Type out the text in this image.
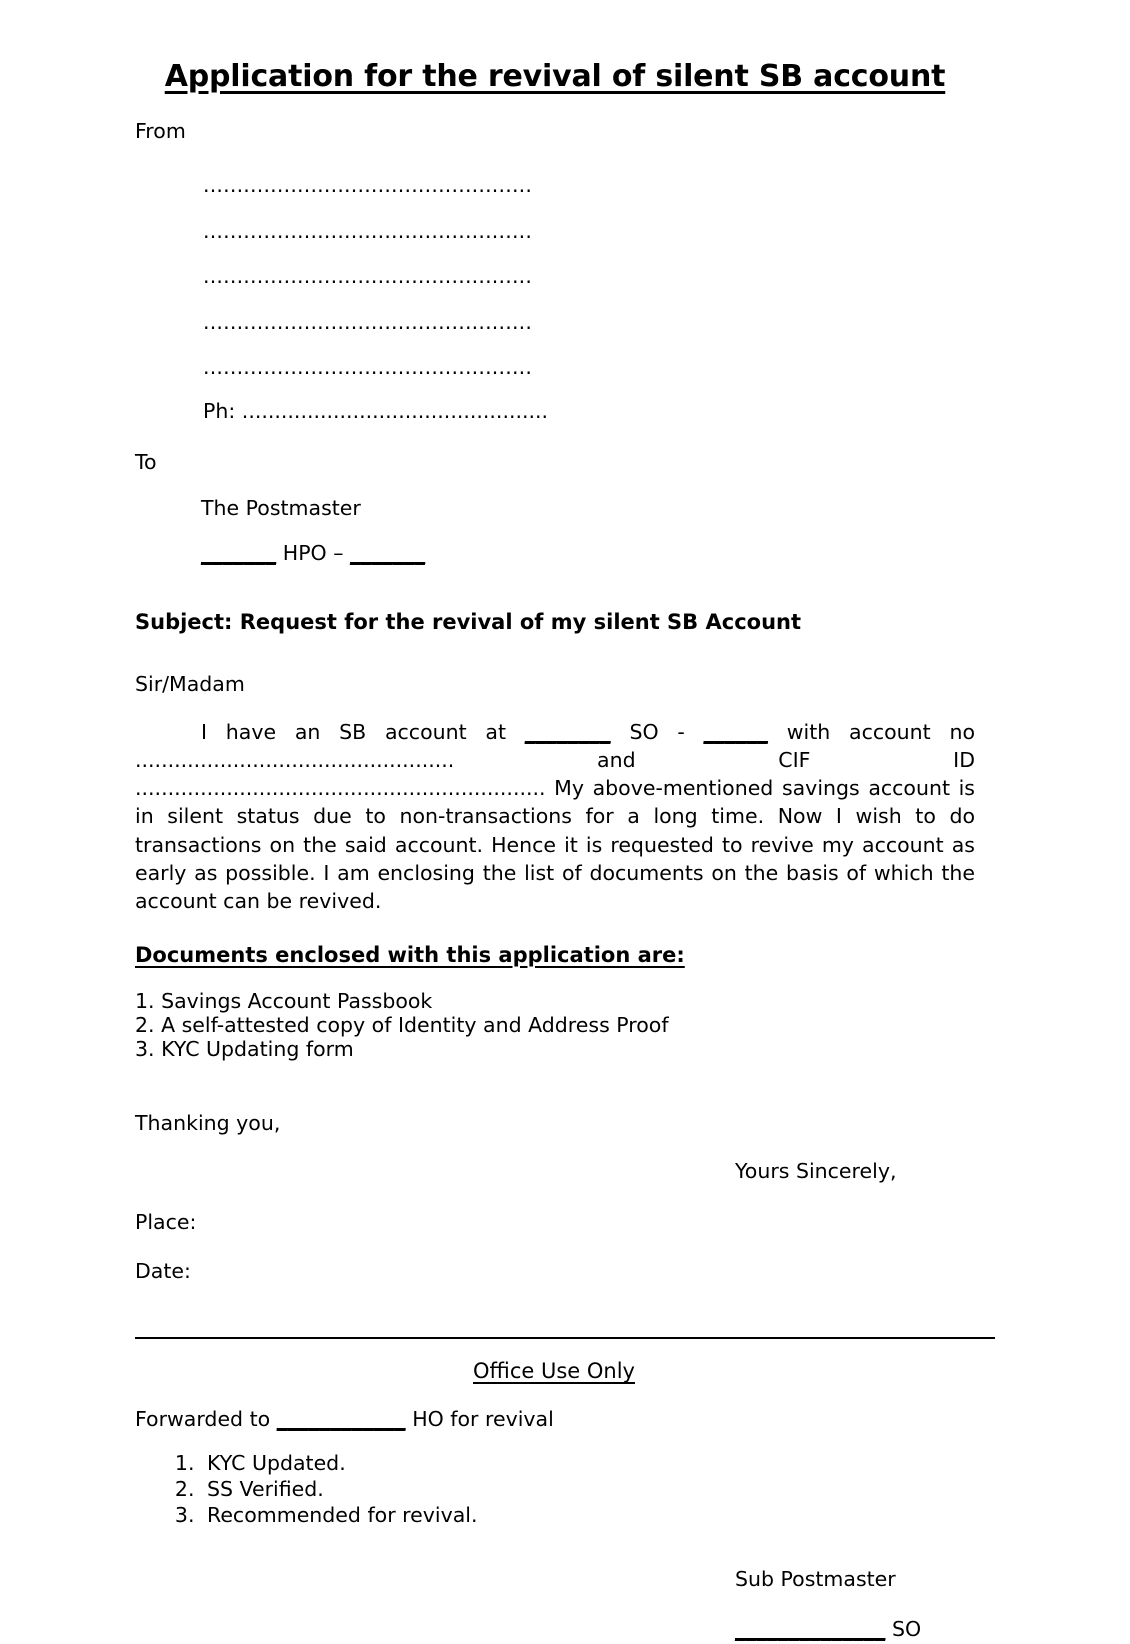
Application for the revival of silent SB account
From
.................................................
.................................................
.................................................
.................................................
.................................................
Ph: ...............................................
To
The Postmaster
_______ HPO – _______
Subject: Request for the revival of my silent SB Account
Sir/Madam

I have an SB account at ________ SO - ______ with account no ................................................. and CIF ID ............................................................... My above-mentioned savings account is in silent status due to non-transactions for a long time. Now I wish to do transactions on the said account. Hence it is requested to revive my account as early as possible. I am enclosing the list of documents on the basis of which the account can be revived.

Documents enclosed with this application are:
1. Savings Account Passbook
2. A self-attested copy of Identity and Address Proof
3. KYC Updating form
Thanking you,
Yours Sincerely,
Place:
Date:
Office Use Only
Forwarded to ____________ HO for revival
1. KYC Updated.
2. SS Verified.
3. Recommended for revival.
Sub Postmaster
______________ SO
